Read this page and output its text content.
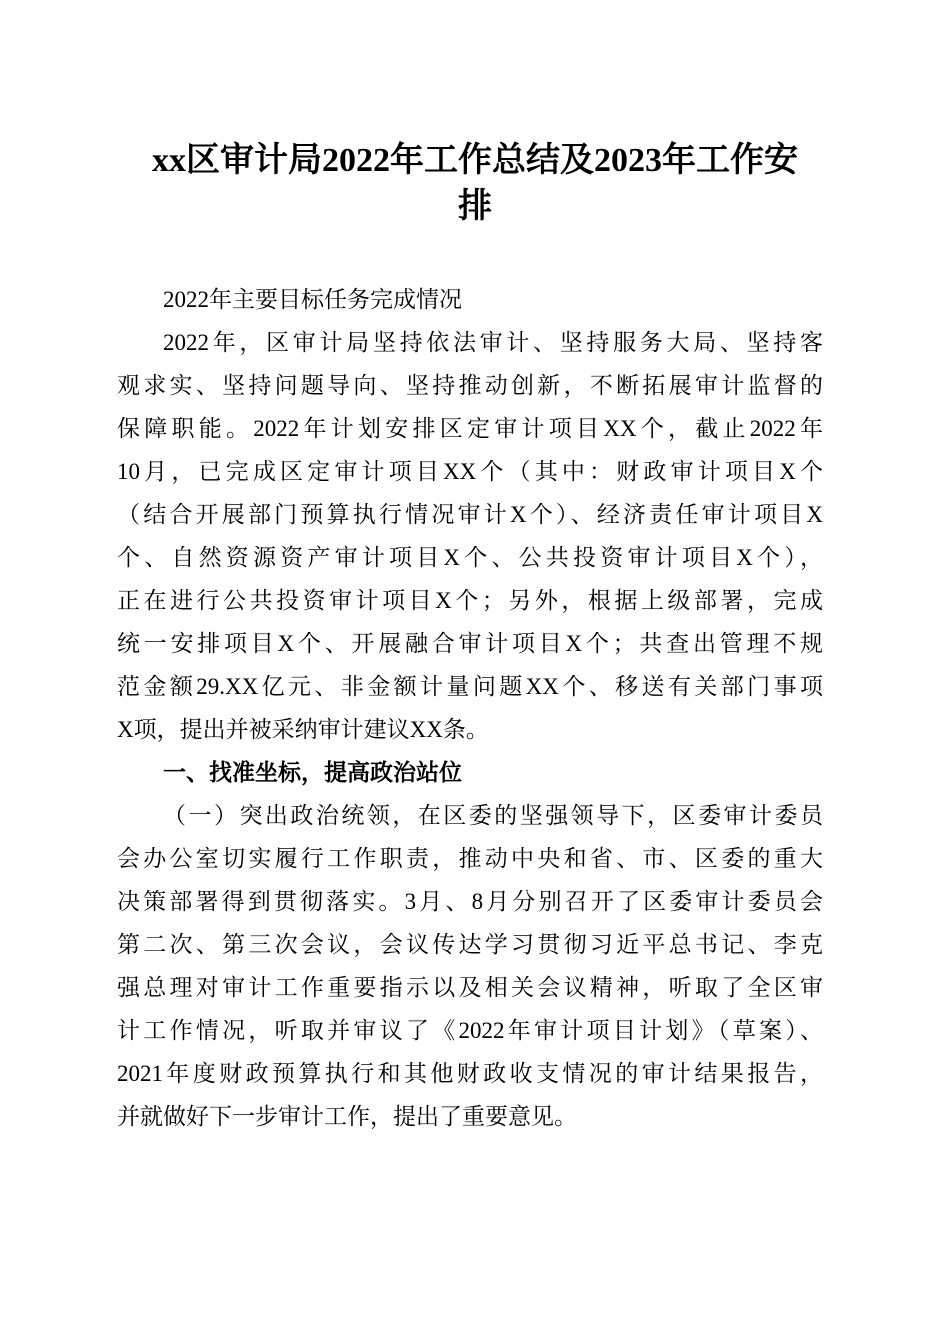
xx区审计局2022年工作总结及2023年工作安
排
2022年主要目标任务完成情况
2022年，区审计局坚持依法审计、坚持服务大局、坚持客
观求实、坚持问题导向、坚持推动创新，不断拓展审计监督的
保障职能。2022年计划安排区定审计项目XX个，截止2022年
10月，已完成区定审计项目XX个（其中：财政审计项目X个
（结合开展部门预算执行情况审计X个）、经济责任审计项目X
个、自然资源资产审计项目X个、公共投资审计项目X个），
正在进行公共投资审计项目X个；另外，根据上级部署，完成
统一安排项目X个、开展融合审计项目X个；共查出管理不规
范金额29.XX亿元、非金额计量问题XX个、移送有关部门事项
X项，提出并被采纳审计建议XX条。
一、找准坐标，提高政治站位
（一）突出政治统领，在区委的坚强领导下，区委审计委员
会办公室切实履行工作职责，推动中央和省、市、区委的重大
决策部署得到贯彻落实。3月、8月分别召开了区委审计委员会
第二次、第三次会议，会议传达学习贯彻习近平总书记、李克
强总理对审计工作重要指示以及相关会议精神，听取了全区审
计工作情况，听取并审议了《2022年审计项目计划》（草案）、
2021年度财政预算执行和其他财政收支情况的审计结果报告，
并就做好下一步审计工作，提出了重要意见。
